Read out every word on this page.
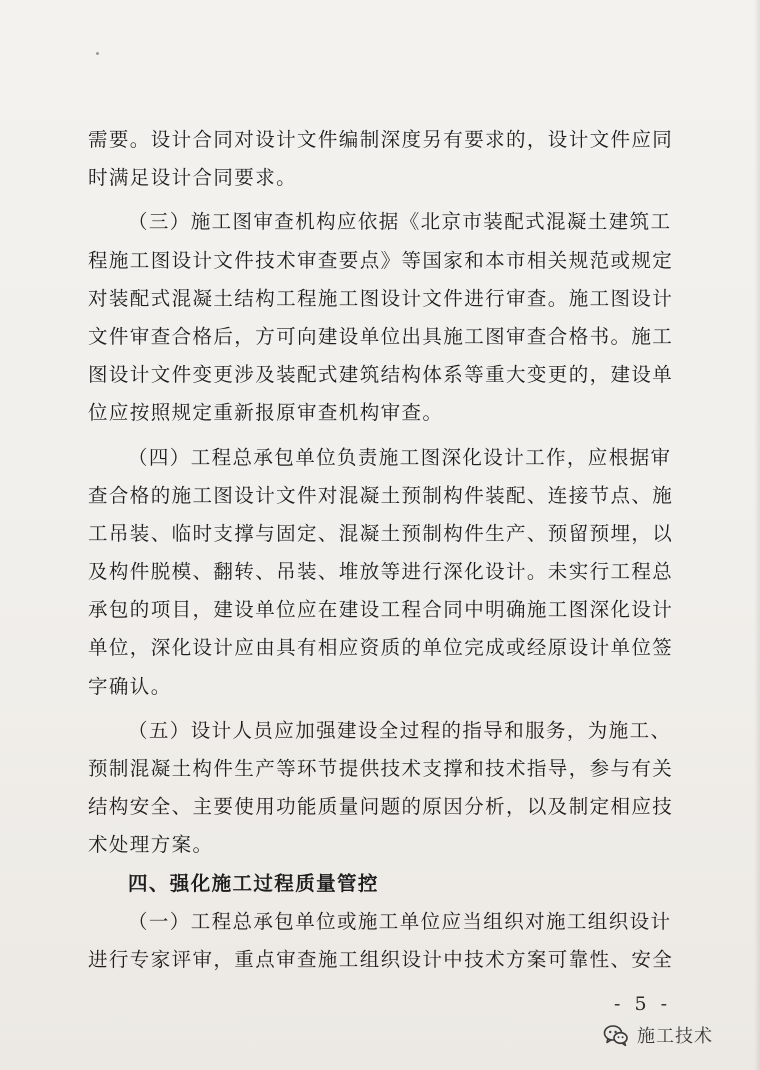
需要。设计合同对设计文件编制深度另有要求的，设计文件应同
时满足设计合同要求。
（三）施工图审查机构应依据《北京市装配式混凝土建筑工
程施工图设计文件技术审查要点》等国家和本市相关规范或规定
对装配式混凝土结构工程施工图设计文件进行审查。施工图设计
文件审查合格后，方可向建设单位出具施工图审查合格书。施工
图设计文件变更涉及装配式建筑结构体系等重大变更的，建设单
位应按照规定重新报原审查机构审查。
（四）工程总承包单位负责施工图深化设计工作，应根据审
查合格的施工图设计文件对混凝土预制构件装配、连接节点、施
工吊装、临时支撑与固定、混凝土预制构件生产、预留预埋，以
及构件脱模、翻转、吊装、堆放等进行深化设计。未实行工程总
承包的项目，建设单位应在建设工程合同中明确施工图深化设计
单位，深化设计应由具有相应资质的单位完成或经原设计单位签
字确认。
（五）设计人员应加强建设全过程的指导和服务，为施工、
预制混凝土构件生产等环节提供技术支撑和技术指导，参与有关
结构安全、主要使用功能质量问题的原因分析，以及制定相应技
术处理方案。
四、强化施工过程质量管控
（一）工程总承包单位或施工单位应当组织对施工组织设计
进行专家评审，重点审查施工组织设计中技术方案可靠性、安全
- 5 -
施工技术
